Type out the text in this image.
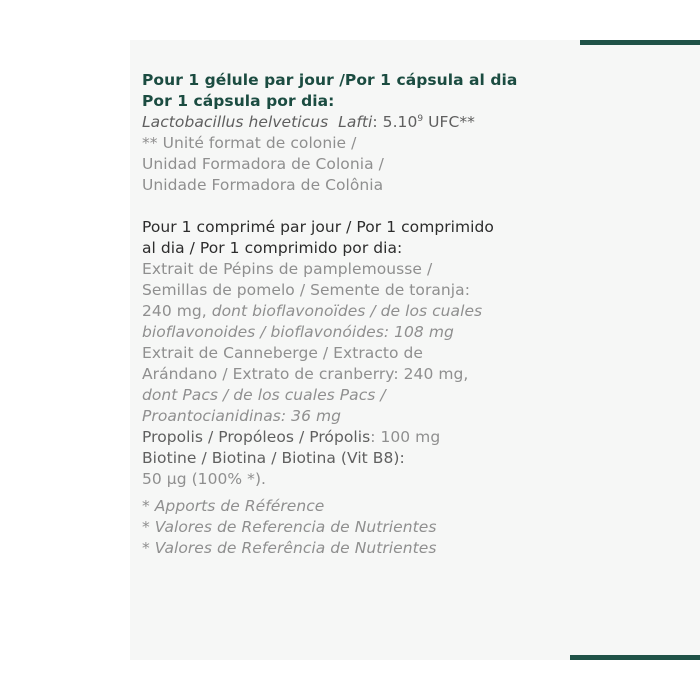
Pour 1 gélule par jour /Por 1 cápsula al dia
Por 1 cápsula por dia:
Lactobacillus helveticus Lafti: 5.10$^9$ UFC**
** Unité format de colonie /
Unidad Formadora de Colonia /
Unidade Formadora de Colônia
Pour 1 comprimé par jour / Por 1 comprimido
al dia / Por 1 comprimido por dia:
Extrait de Pépins de pamplemousse /
Semillas de pomelo / Semente de toranja:
240 mg, dont bioflavonoïdes / de los cuales
bioflavonoides / bioflavonóides: 108 mg
Extrait de Canneberge / Extracto de
Arándano / Extrato de cranberry: 240 mg,
dont Pacs / de los cuales Pacs /
Proantocianidinas: 36 mg
Propolis / Propóleos / Própolis: 100 mg
Biotine / Biotina / Biotina (Vit B8):
50 µg (100% *).
* Apports de Référence
* Valores de Referencia de Nutrientes
* Valores de Referência de Nutrientes
